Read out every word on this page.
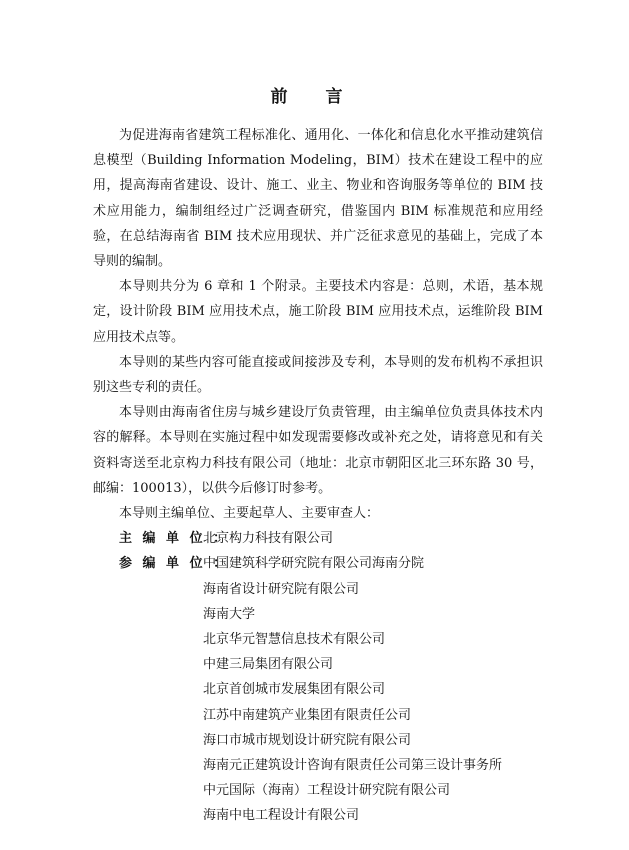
前 言

为促进海南省建筑工程标准化、通用化、一体化和信息化水平推动建筑信息模型（Building Information Modeling，BIM）技术在建设工程中的应用，提高海南省建设、设计、施工、业主、物业和咨询服务等单位的 BIM 技术应用能力，编制组经过广泛调查研究，借鉴国内 BIM 标准规范和应用经验，在总结海南省 BIM 技术应用现状、并广泛征求意见的基础上，完成了本导则的编制。

本导则共分为 6 章和 1 个附录。主要技术内容是：总则，术语，基本规定，设计阶段 BIM 应用技术点，施工阶段 BIM 应用技术点，运维阶段 BIM 应用技术点等。

本导则的某些内容可能直接或间接涉及专利，本导则的发布机构不承担识别这些专利的责任。

本导则由海南省住房与城乡建设厅负责管理，由主编单位负责具体技术内容的解释。本导则在实施过程中如发现需要修改或补充之处，请将意见和有关资料寄送至北京构力科技有限公司（地址：北京市朝阳区北三环东路 30 号，邮编：100013），以供今后修订时参考。

本导则主编单位、主要起草人、主要审查人：

主 编 单 位 ：
北京构力科技有限公司
参 编 单 位 ：
中国建筑科学研究院有限公司海南分院
海南省设计研究院有限公司
海南大学
北京华元智慧信息技术有限公司
中建三局集团有限公司
北京首创城市发展集团有限公司
江苏中南建筑产业集团有限责任公司
海口市城市规划设计研究院有限公司
海南元正建筑设计咨询有限责任公司第三设计事务所
中元国际（海南）工程设计研究院有限公司
海南中电工程设计有限公司
